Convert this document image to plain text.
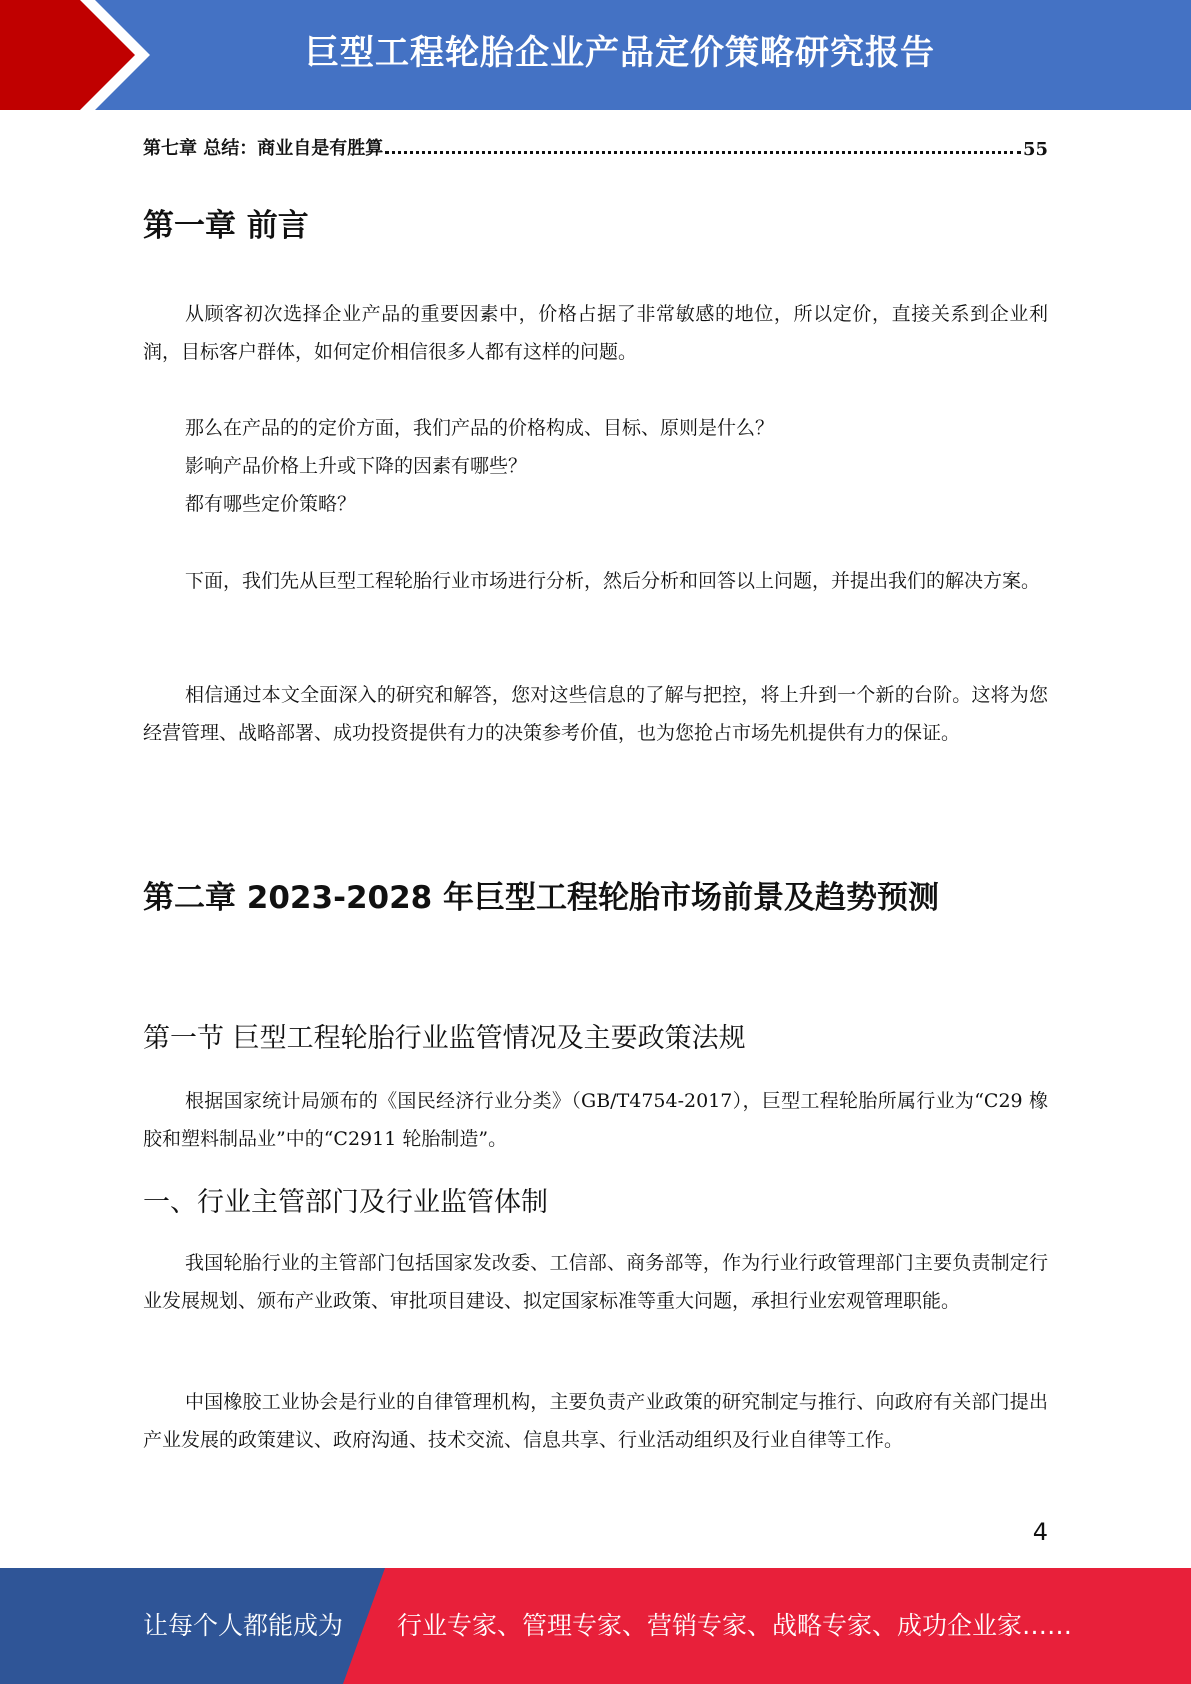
巨型工程轮胎企业产品定价策略研究报告
第七章 总结：商业自是有胜算	55
第一章 前言

从顾客初次选择企业产品的重要因素中，价格占据了非常敏感的地位，所以定价，直接关系到企业利润，目标客户群体，如何定价相信很多人都有这样的问题。

那么在产品的的定价方面，我们产品的价格构成、目标、原则是什么？

影响产品价格上升或下降的因素有哪些？

都有哪些定价策略？

下面，我们先从巨型工程轮胎行业市场进行分析，然后分析和回答以上问题，并提出我们的解决方案。

相信通过本文全面深入的研究和解答，您对这些信息的了解与把控，将上升到一个新的台阶。这将为您经营管理、战略部署、成功投资提供有力的决策参考价值，也为您抢占市场先机提供有力的保证。

第二章 2023-2028 年巨型工程轮胎市场前景及趋势预测
第一节 巨型工程轮胎行业监管情况及主要政策法规

根据国家统计局颁布的《国民经济行业分类》（GB/T4754-2017），巨型工程轮胎所属行业为“C29 橡胶和塑料制品业”中的“C2911 轮胎制造”。

一、行业主管部门及行业监管体制

我国轮胎行业的主管部门包括国家发改委、工信部、商务部等，作为行业行政管理部门主要负责制定行业发展规划、颁布产业政策、审批项目建设、拟定国家标准等重大问题，承担行业宏观管理职能。

中国橡胶工业协会是行业的自律管理机构，主要负责产业政策的研究制定与推行、向政府有关部门提出产业发展的政策建议、政府沟通、技术交流、信息共享、行业活动组织及行业自律等工作。

4
让每个人都能成为 行业专家、管理专家、营销专家、战略专家、成功企业家……
